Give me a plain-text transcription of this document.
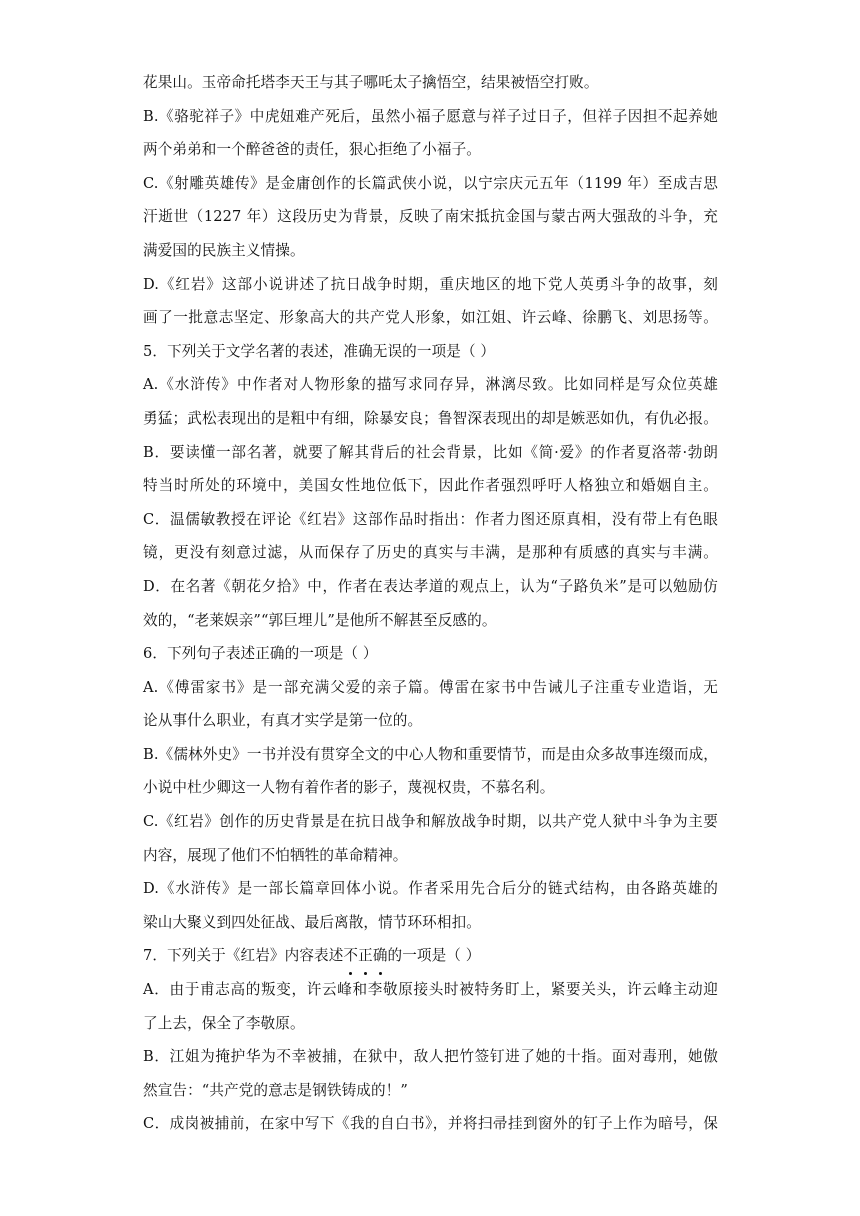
花果山。玉帝命托塔李天王与其子哪吒太子擒悟空，结果被悟空打败。
B.《骆驼祥子》中虎妞难产死后，虽然小福子愿意与祥子过日子，但祥子因担不起养她
两个弟弟和一个醉爸爸的责任，狠心拒绝了小福子。
C.《射雕英雄传》是金庸创作的长篇武侠小说，以宁宗庆元五年（1199 年）至成吉思
汗逝世（1227 年）这段历史为背景，反映了南宋抵抗金国与蒙古两大强敌的斗争，充
满爱国的民族主义情操。
D.《红岩》这部小说讲述了抗日战争时期，重庆地区的地下党人英勇斗争的故事，刻
画了一批意志坚定、形象高大的共产党人形象，如江姐、许云峰、徐鹏飞、刘思扬等。
5．下列关于文学名著的表述，准确无误的一项是（ ）
A.《水浒传》中作者对人物形象的描写求同存异，淋漓尽致。比如同样是写众位英雄
勇猛；武松表现出的是粗中有细，除暴安良；鲁智深表现出的却是嫉恶如仇，有仇必报。
B．要读懂一部名著，就要了解其背后的社会背景，比如《简·爱》的作者夏洛蒂·勃朗
特当时所处的环境中，美国女性地位低下，因此作者强烈呼吁人格独立和婚姻自主。
C．温儒敏教授在评论《红岩》这部作品时指出：作者力图还原真相，没有带上有色眼
镜，更没有刻意过滤，从而保存了历史的真实与丰满，是那种有质感的真实与丰满。
D．在名著《朝花夕拾》中，作者在表达孝道的观点上，认为“子路负米”是可以勉励仿
效的，“老莱娱亲”“郭巨埋儿”是他所不解甚至反感的。
6．下列句子表述正确的一项是（ ）
A.《傅雷家书》是一部充满父爱的亲子篇。傅雷在家书中告诫儿子注重专业造诣，无
论从事什么职业，有真才实学是第一位的。
B.《儒林外史》一书并没有贯穿全文的中心人物和重要情节，而是由众多故事连缀而成，
小说中杜少卿这一人物有着作者的影子，蔑视权贵，不慕名利。
C.《红岩》创作的历史背景是在抗日战争和解放战争时期，以共产党人狱中斗争为主要
内容，展现了他们不怕牺牲的革命精神。
D.《水浒传》是一部长篇章回体小说。作者采用先合后分的链式结构，由各路英雄的
梁山大聚义到四处征战、最后离散，情节环环相扣。
7．下列关于《红岩》内容表述不正确的一项是（ ）
A．由于甫志高的叛变，许云峰和李敬原接头时被特务盯上，紧要关头，许云峰主动迎
了上去，保全了李敬原。
B．江姐为掩护华为不幸被捕，在狱中，敌人把竹签钉进了她的十指。面对毒刑，她傲
然宣告：“共产党的意志是钢铁铸成的！”
C．成岗被捕前，在家中写下《我的自白书》，并将扫帚挂到窗外的钉子上作为暗号，保
